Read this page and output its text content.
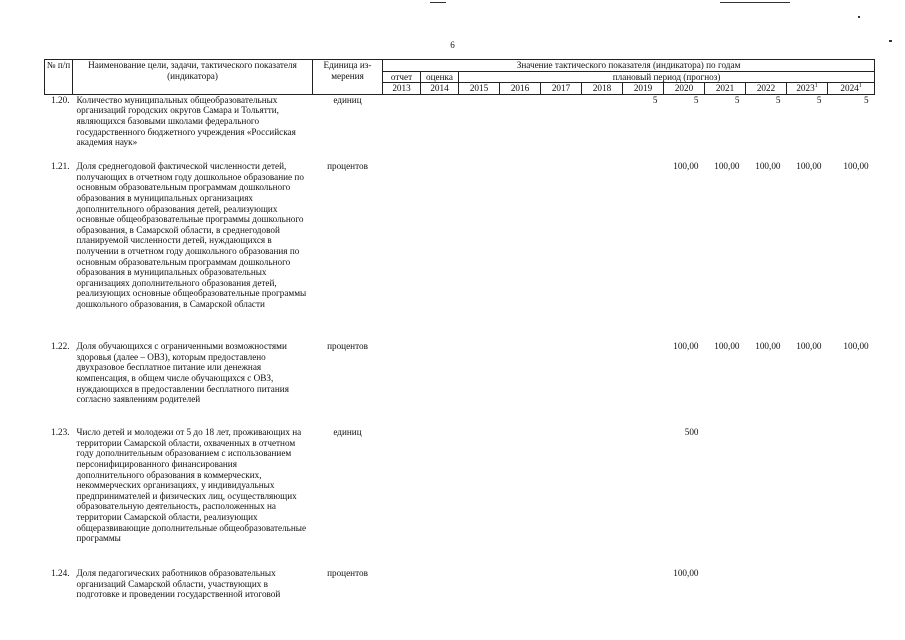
6
№ п/п	Наименование цели, задачи, тактического показателя (индикатора)	Единица из-мерения	Значение тактического показателя (индикатора) по годам											
			отчет	оценка	плановый период (прогноз)									
			2013	2014	2015	2016	2017	2018	2019	2020	2021	2022	2023$^1$	2024$^1$
1.20.	Количество муниципальных общеобразовательных организаций городских округов Самара и Тольятти, являющихся базовыми школами федерального государственного бюджетного учреждения «Российская академия наук»	единиц							5	5	5	5	5	5
1.21.	Доля среднегодовой фактической численности детей, получающих в отчетном году дошкольное образование по основным образовательным программам дошкольного образования в муниципальных организациях дополнительного образования детей, реализующих основные общеобразовательные программы дошкольного образования, в Самарской области, в среднегодовой планируемой численности детей, нуждающихся в получении в отчетном году дошкольного образования по основным образовательным программам дошкольного образования в муниципальных образовательных организациях дополнительного образования детей, реализующих основные общеобразовательные программы дошкольного образования, в Самарской области	процентов								100,00	100,00	100,00	100,00	100,00
1.22.	Доля обучающихся с ограниченными возможностями здоровья (далее – ОВЗ), которым предоставлено двухразовое бесплатное питание или денежная компенсация, в общем числе обучающихся с ОВЗ, нуждающихся в предоставлении бесплатного питания согласно заявлениям родителей	процентов								100,00	100,00	100,00	100,00	100,00
1.23.	Число детей и молодежи от 5 до 18 лет, проживающих на территории Самарской области, охваченных в отчетном году дополнительным образованием с использованием персонифицированного финансирования дополнительного образования в коммерческих, некоммерческих организациях, у индивидуальных предпринимателей и физических лиц, осуществляющих образовательную деятельность, расположенных на территории Самарской области, реализующих общеразвивающие дополнительные общеобразовательные программы	единиц								500				
1.24.	Доля педагогических работников образовательных организаций Самарской области, участвующих в подготовке и проведении государственной итоговой	процентов								100,00				
